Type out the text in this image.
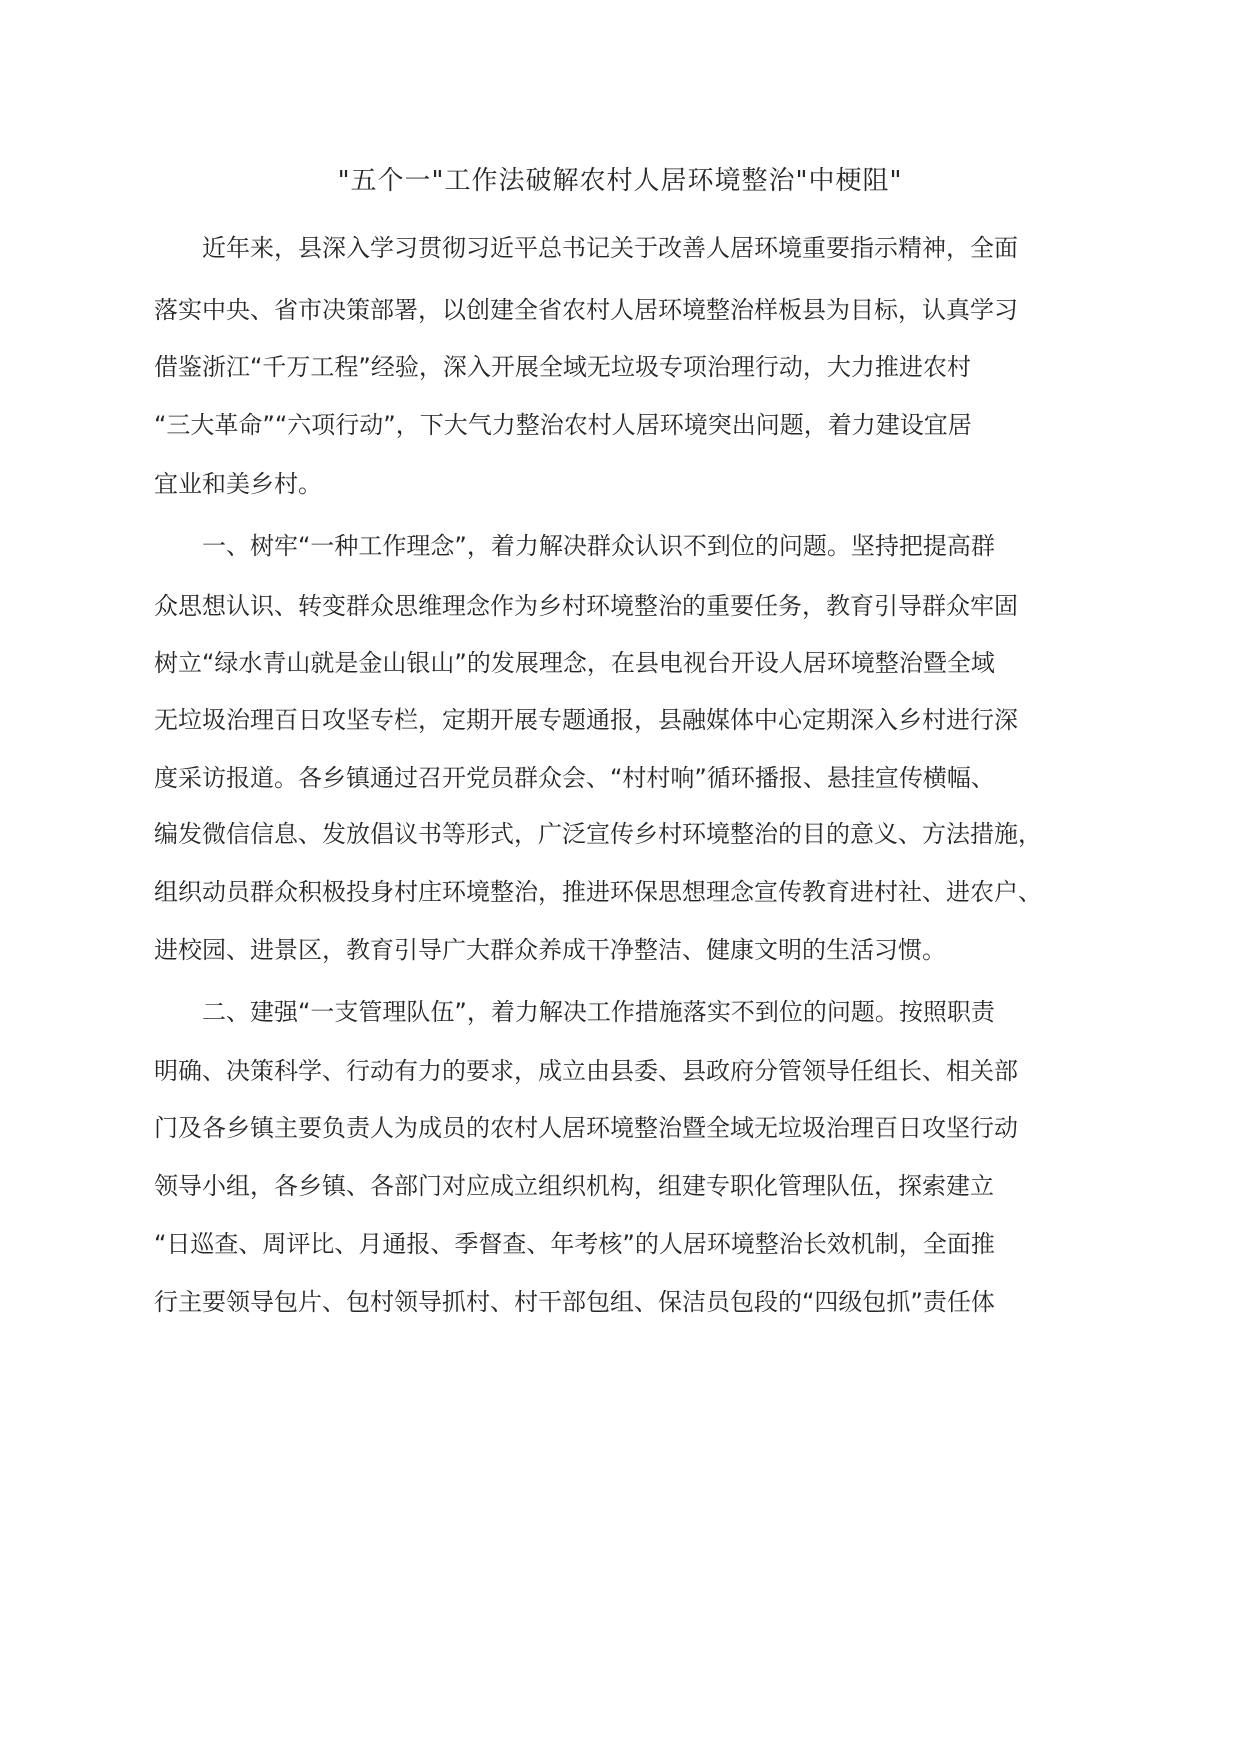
"五个一"工作法破解农村人居环境整治"中梗阻"
近年来，县深入学习贯彻习近平总书记关于改善人居环境重要指示精神，全面
落实中央、省市决策部署，以创建全省农村人居环境整治样板县为目标，认真学习
借鉴浙江“千万工程”经验，深入开展全域无垃圾专项治理行动，大力推进农村
“三大革命”“六项行动”，下大气力整治农村人居环境突出问题，着力建设宜居
宜业和美乡村。
一、树牢“一种工作理念”，着力解决群众认识不到位的问题。坚持把提高群
众思想认识、转变群众思维理念作为乡村环境整治的重要任务，教育引导群众牢固
树立“绿水青山就是金山银山”的发展理念，在县电视台开设人居环境整治暨全域
无垃圾治理百日攻坚专栏，定期开展专题通报，县融媒体中心定期深入乡村进行深
度采访报道。各乡镇通过召开党员群众会、“村村响”循环播报、悬挂宣传横幅、
编发微信信息、发放倡议书等形式，广泛宣传乡村环境整治的目的意义、方法措施，
组织动员群众积极投身村庄环境整治，推进环保思想理念宣传教育进村社、进农户、
进校园、进景区，教育引导广大群众养成干净整洁、健康文明的生活习惯。
二、建强“一支管理队伍”，着力解决工作措施落实不到位的问题。按照职责
明确、决策科学、行动有力的要求，成立由县委、县政府分管领导任组长、相关部
门及各乡镇主要负责人为成员的农村人居环境整治暨全域无垃圾治理百日攻坚行动
领导小组，各乡镇、各部门对应成立组织机构，组建专职化管理队伍，探索建立
“日巡查、周评比、月通报、季督查、年考核”的人居环境整治长效机制，全面推
行主要领导包片、包村领导抓村、村干部包组、保洁员包段的“四级包抓”责任体
